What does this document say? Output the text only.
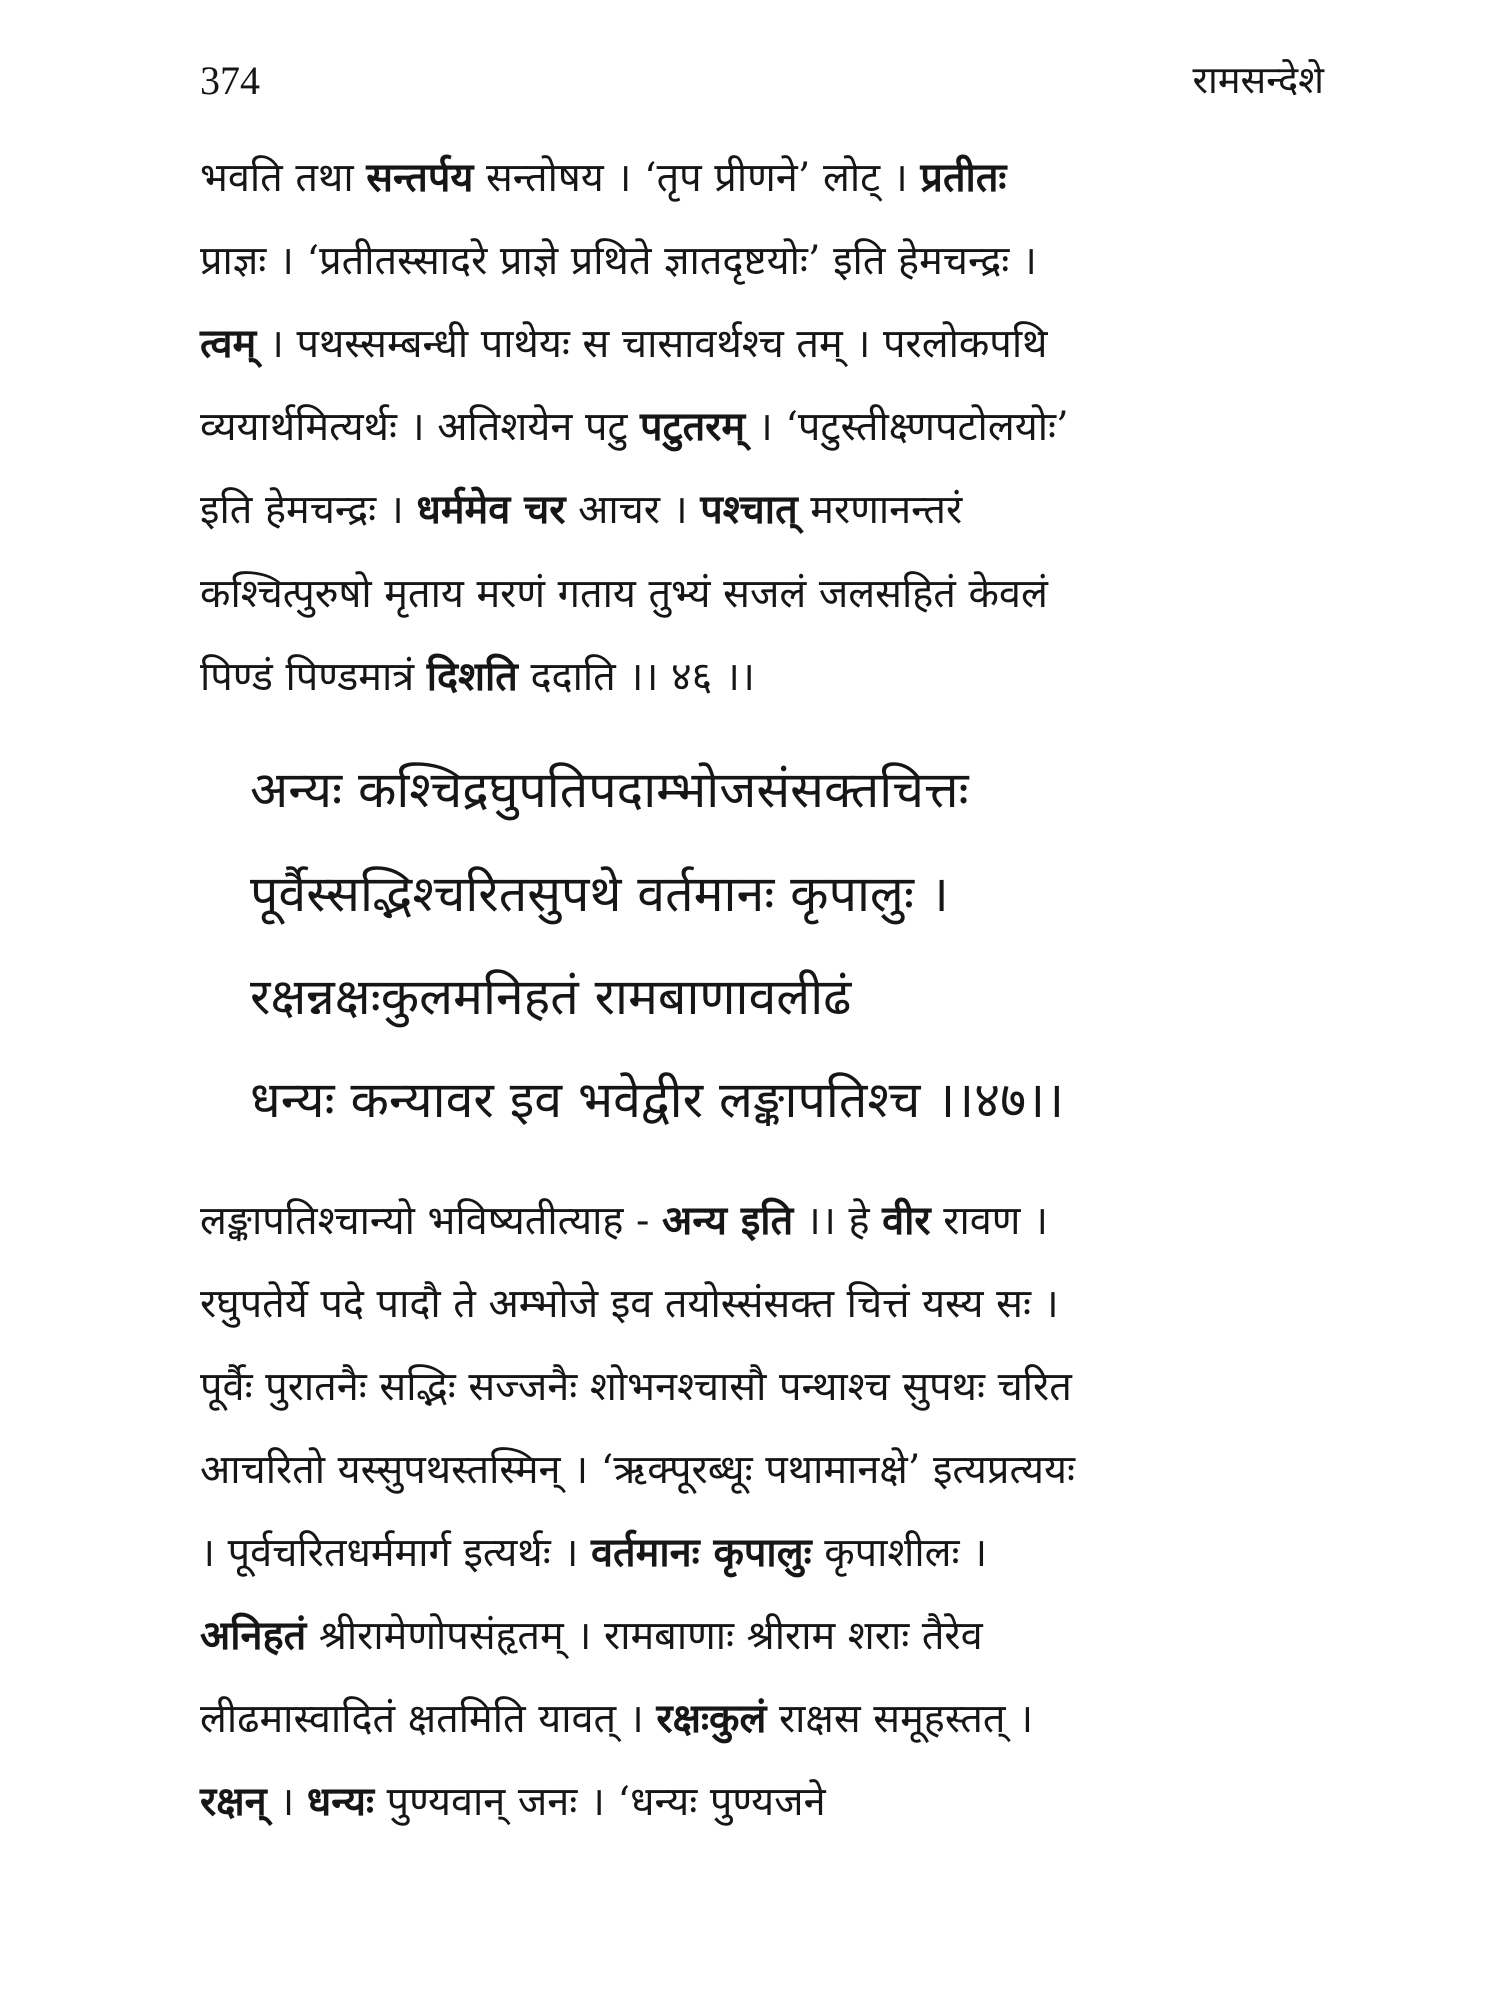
374	रामसन्देशे
भवति तथा सन्तर्पय सन्तोषय । ‘तृप प्रीणने’ लोट् । प्रतीतः
प्राज्ञः । ‘प्रतीतस्सादरे प्राज्ञे प्रथिते ज्ञातदृष्टयोः’ इति हेमचन्द्रः ।
त्वम् । पथस्सम्बन्धी पाथेयः स चासावर्थश्च तम् । परलोकपथि
व्ययार्थमित्यर्थः । अतिशयेन पटु पटुतरम् । ‘पटुस्तीक्ष्णपटोलयोः’
इति हेमचन्द्रः । धर्ममेव चर आचर । पश्चात् मरणानन्तरं
कश्चित्पुरुषो मृताय मरणं गताय तुभ्यं सजलं जलसहितं केवलं
पिण्डं पिण्डमात्रं दिशति ददाति ।। ४६ ।।
अन्यः कश्चिद्रघुपतिपदाम्भोजसंसक्तचित्तः
पूर्वैस्सद्भिश्चरितसुपथे वर्तमानः कृपालुः ।
रक्षन्नक्षःकुलमनिहतं रामबाणावलीढं
धन्यः कन्यावर इव भवेद्वीर लङ्कापतिश्च ।।४७।।
लङ्कापतिश्चान्यो भविष्यतीत्याह - अन्य इति ।। हे वीर रावण ।
रघुपतेर्ये पदे पादौ ते अम्भोजे इव तयोस्संसक्त चित्तं यस्य सः ।
पूर्वैः पुरातनैः सद्भिः सज्जनैः शोभनश्चासौ पन्थाश्च सुपथः चरित
आचरितो यस्सुपथस्तस्मिन् । ‘ऋक्पूरब्धूः पथामानक्षे’ इत्यप्रत्ययः
। पूर्वचरितधर्ममार्ग इत्यर्थः । वर्तमानः कृपालुः कृपाशीलः ।
अनिहतं श्रीरामेणोपसंहृतम् । रामबाणाः श्रीराम शराः तैरेव
लीढमास्वादितं क्षतमिति यावत् । रक्षःकुलं राक्षस समूहस्तत् ।
रक्षन् । धन्यः पुण्यवान् जनः । ‘धन्यः पुण्यजने
